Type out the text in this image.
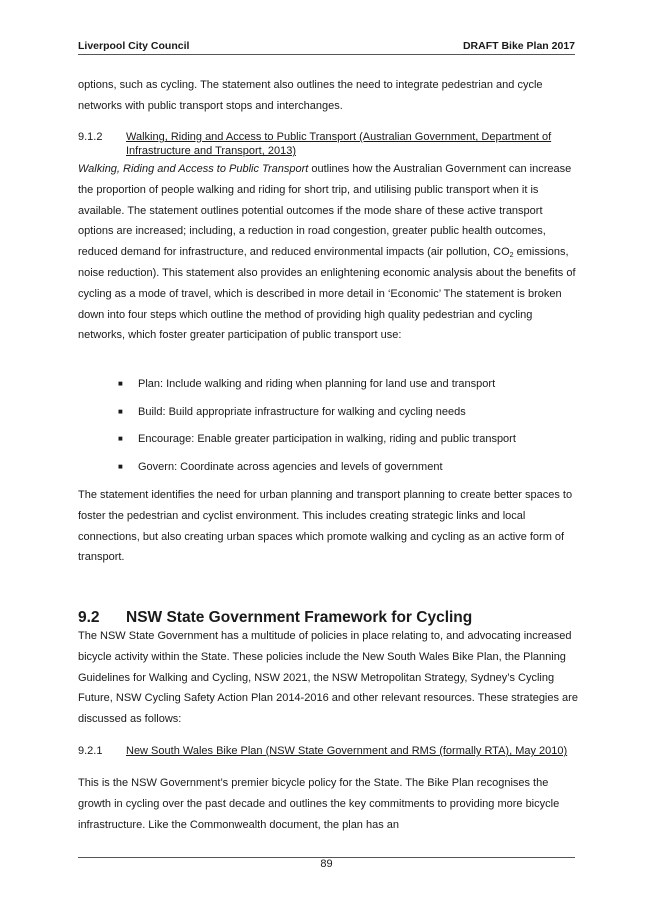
Liverpool City Council	DRAFT Bike Plan 2017

options, such as cycling. The statement also outlines the need to integrate pedestrian and cycle networks with public transport stops and interchanges.

9.1.2 Walking, Riding and Access to Public Transport (Australian Government, Department of Infrastructure and Transport, 2013)

Walking, Riding and Access to Public Transport outlines how the Australian Government can increase the proportion of people walking and riding for short trip, and utilising public transport when it is available. The statement outlines potential outcomes if the mode share of these active transport options are increased; including, a reduction in road congestion, greater public health outcomes, reduced demand for infrastructure, and reduced environmental impacts (air pollution, $CO_2$ emissions, noise reduction). This statement also provides an enlightening economic analysis about the benefits of cycling as a mode of travel, which is described in more detail in ‘Economic’ The statement is broken down into four steps which outline the method of providing high quality pedestrian and cycling networks, which foster greater participation of public transport use:

■ Plan: Include walking and riding when planning for land use and transport
■ Build: Build appropriate infrastructure for walking and cycling needs
■ Encourage: Enable greater participation in walking, riding and public transport
■ Govern: Coordinate across agencies and levels of government

The statement identifies the need for urban planning and transport planning to create better spaces to foster the pedestrian and cyclist environment. This includes creating strategic links and local connections, but also creating urban spaces which promote walking and cycling as an active form of transport.

9.2 NSW State Government Framework for Cycling

The NSW State Government has a multitude of policies in place relating to, and advocating increased bicycle activity within the State. These policies include the New South Wales Bike Plan, the Planning Guidelines for Walking and Cycling, NSW 2021, the NSW Metropolitan Strategy, Sydney’s Cycling Future, NSW Cycling Safety Action Plan 2014-2016 and other relevant resources. These strategies are discussed as follows:

9.2.1 New South Wales Bike Plan (NSW State Government and RMS (formally RTA), May 2010)

This is the NSW Government’s premier bicycle policy for the State. The Bike Plan recognises the growth in cycling over the past decade and outlines the key commitments to providing more bicycle infrastructure. Like the Commonwealth document, the plan has an

89
